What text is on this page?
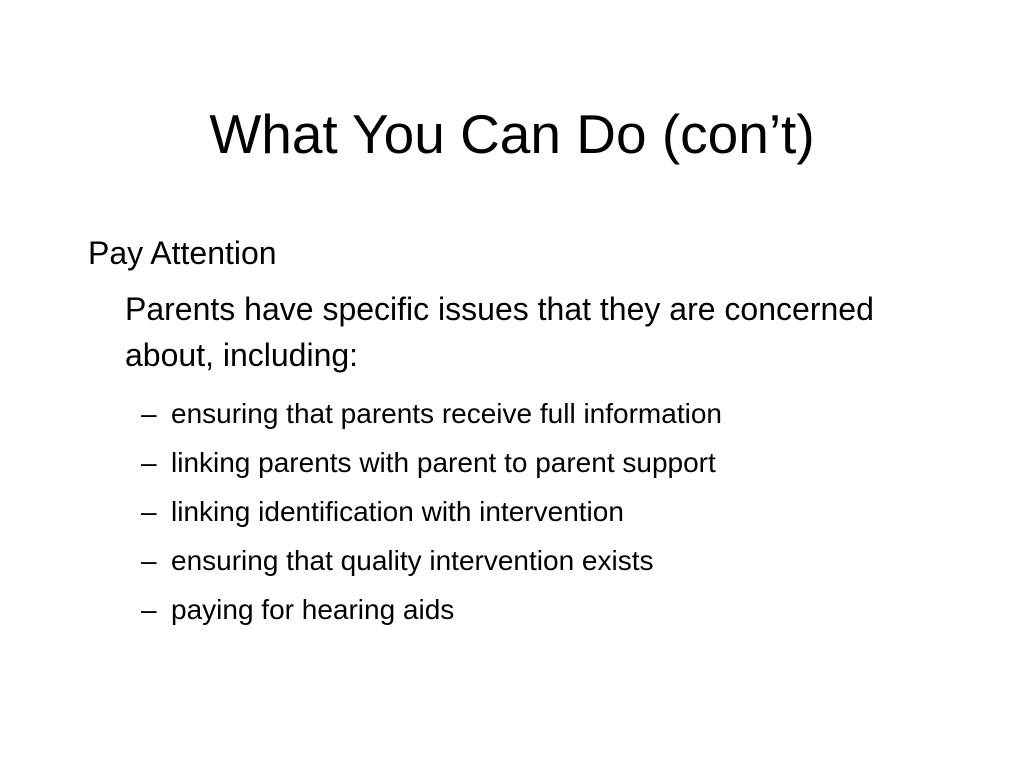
What You Can Do (con’t)
Pay Attention
Parents have specific issues that they are concerned about, including:
– ensuring that parents receive full information
– linking parents with parent to parent support
– linking identification with intervention
– ensuring that quality intervention exists
– paying for hearing aids
